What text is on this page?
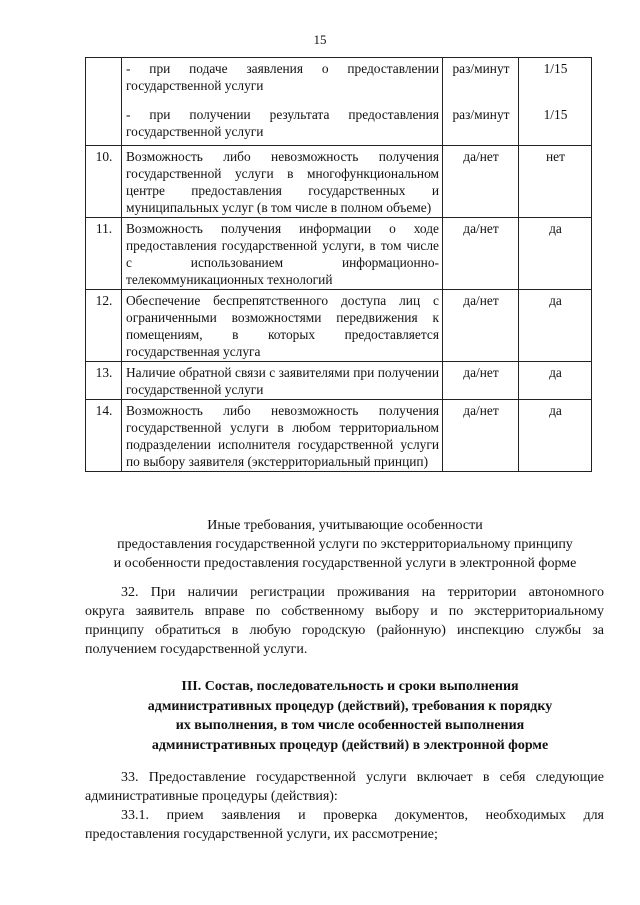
15

	- при подаче заявления о предоставлении государственной услуги	раз/минут	1/15

	- при получении результата предоставления государственной услуги	раз/минут	1/15
10.	Возможность либо невозможность получения государственной услуги в многофункциональном центре предоставления государственных и муниципальных услуг (в том числе в полном объеме)	да/нет	нет
11.	Возможность получения информации о ходе предоставления государственной услуги, в том числе с использованием информационно-телекоммуникационных технологий	да/нет	да
12.	Обеспечение беспрепятственного доступа лиц с ограниченными возможностями передвижения к помещениям, в которых предоставляется государственная услуга	да/нет	да
13.	Наличие обратной связи с заявителями при получении государственной услуги	да/нет	да
14.	Возможность либо невозможность получения государственной услуги в любом территориальном подразделении исполнителя государственной услуги по выбору заявителя (экстерриториальный принцип)	да/нет	да
Иные требования, учитывающие особенности
предоставления государственной услуги по экстерриториальному принципу
и особенности предоставления государственной услуги в электронной форме
32. При наличии регистрации проживания на территории автономного
округа заявитель вправе по собственному выбору и по экстерриториальному
принципу обратиться в любую городскую (районную) инспекцию службы за
получением государственной услуги.
III. Состав, последовательность и сроки выполнения
административных процедур (действий), требования к порядку
их выполнения, в том числе особенностей выполнения
административных процедур (действий) в электронной форме
33. Предоставление государственной услуги включает в себя следующие
административные процедуры (действия):
33.1. прием заявления и проверка документов, необходимых для
предоставления государственной услуги, их рассмотрение;
